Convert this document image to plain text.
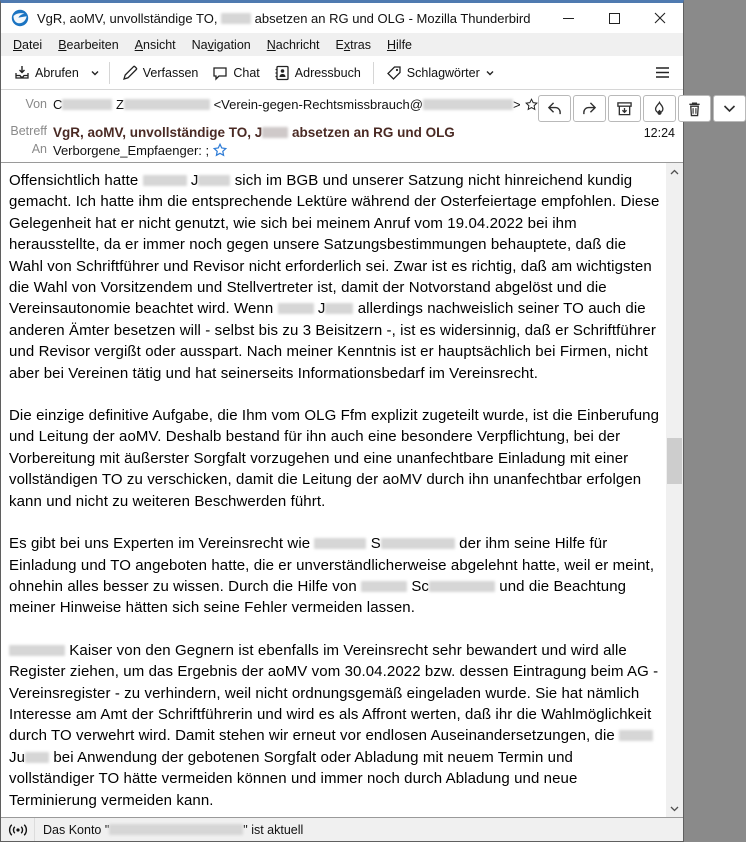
VgR, aoMV, unvollständige TO,  absetzen an RG und OLG - Mozilla Thunderbird
Datei	Bearbeiten	Ansicht	Navigation	Nachricht	Extras	Hilfe
Abrufen	Verfassen	Chat	Adressbuch	Schlagwörter
Von C	Z	<Verein-gegen-Rechtsmissbrauch@	>
Betreff VgR, aoMV, unvollständige TO, J absetzen an RG und OLG	12:24
An Verborgene_Empfaenger: ;

Offensichtlich hatte	J sich im BGB und unserer Satzung nicht hinreichend kundig gemacht. Ich hatte ihm die entsprechende Lektüre während der Osterfeiertage empfohlen. Diese Gelegenheit hat er nicht genutzt, wie sich bei meinem Anruf vom 19.04.2022 bei ihm herausstellte, da er immer noch gegen unsere Satzungsbestimmungen behauptete, daß die Wahl von Schriftführer und Revisor nicht erforderlich sei. Zwar ist es richtig, daß am wichtigsten die Wahl von Vorsitzendem und Stellvertreter ist, damit der Notvorstand abgelöst und die Vereinsautonomie beachtet wird. Wenn  J allerdings nachweislich seiner TO auch die anderen Ämter besetzen will - selbst bis zu 3 Beisitzern -, ist es widersinnig, daß er Schriftführer und Revisor vergißt oder ausspart. Nach meiner Kenntnis ist er hauptsächlich bei Firmen, nicht aber bei Vereinen tätig und hat seinerseits Informationsbedarf im Vereinsrecht.

Die einzige definitive Aufgabe, die Ihm vom OLG Ffm explizit zugeteilt wurde, ist die Einberufung und Leitung der aoMV. Deshalb bestand für ihn auch eine besondere Verpflichtung, bei der Vorbereitung mit äußerster Sorgfalt vorzugehen und eine unanfechtbare Einladung mit einer vollständigen TO zu verschicken, damit die Leitung der aoMV durch ihn unanfechtbar erfolgen kann und nicht zu weiteren Beschwerden führt.

Es gibt bei uns Experten im Vereinsrecht wie	S	der ihm seine Hilfe für Einladung und TO angeboten hatte, die er unverständlicherweise abgelehnt hatte, weil er meint, ohnehin alles besser zu wissen. Durch die Hilfe von	Sc	und die Beachtung meiner Hinweise hätten sich seine Fehler vermeiden lassen.

Kaiser von den Gegnern ist ebenfalls im Vereinsrecht sehr bewandert und wird alle Register ziehen, um das Ergebnis der aoMV vom 30.04.2022 bzw. dessen Eintragung beim AG - Vereinsregister - zu verhindern, weil nicht ordnungsgemäß eingeladen wurde. Sie hat nämlich Interesse am Amt der Schriftführerin und wird es als Affront werten, daß ihr die Wahlmöglichkeit durch TO verwehrt wird. Damit stehen wir erneut vor endlosen Auseinandersetzungen, die  Ju bei Anwendung der gebotenen Sorgfalt oder Abladung mit neuem Termin und vollständiger TO hätte vermeiden können und immer noch durch Abladung und neue Terminierung vermeiden kann.

Das Konto "	" ist aktuell
